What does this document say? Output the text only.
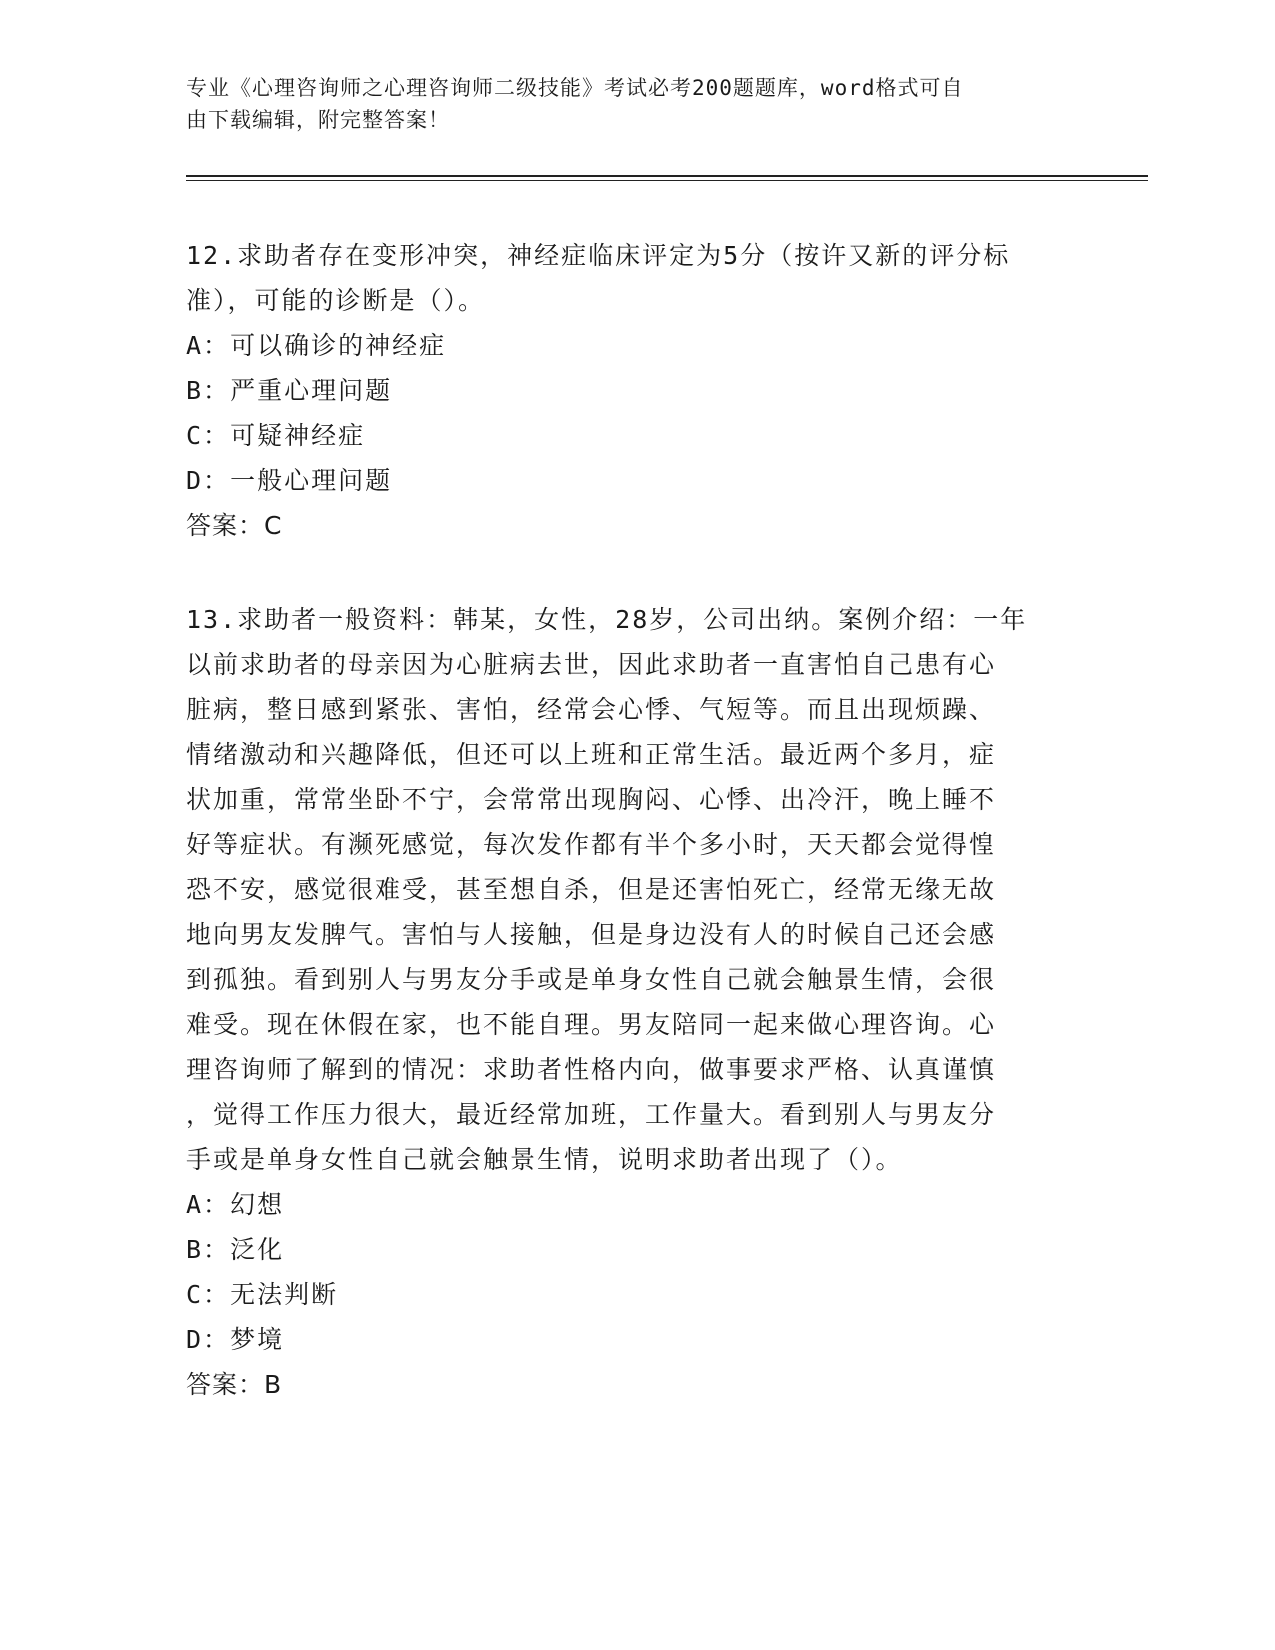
专业《心理咨询师之心理咨询师二级技能》考试必考200题题库，word格式可自
由下载编辑，附完整答案！

12.求助者存在变形冲突，神经症临床评定为5分（按许又新的评分标

准），可能的诊断是（）。

A：可以确诊的神经症

B：严重心理问题

C：可疑神经症

D：一般心理问题

答案：C

13.求助者一般资料：韩某，女性，28岁，公司出纳。案例介绍：一年

以前求助者的母亲因为心脏病去世，因此求助者一直害怕自己患有心

脏病，整日感到紧张、害怕，经常会心悸、气短等。而且出现烦躁、

情绪激动和兴趣降低，但还可以上班和正常生活。最近两个多月，症

状加重，常常坐卧不宁，会常常出现胸闷、心悸、出冷汗，晚上睡不

好等症状。有濒死感觉，每次发作都有半个多小时，天天都会觉得惶

恐不安，感觉很难受，甚至想自杀，但是还害怕死亡，经常无缘无故

地向男友发脾气。害怕与人接触，但是身边没有人的时候自己还会感

到孤独。看到别人与男友分手或是单身女性自己就会触景生情，会很

难受。现在休假在家，也不能自理。男友陪同一起来做心理咨询。心

理咨询师了解到的情况：求助者性格内向，做事要求严格、认真谨慎

，觉得工作压力很大，最近经常加班，工作量大。看到别人与男友分

手或是单身女性自己就会触景生情，说明求助者出现了（）。

A：幻想

B：泛化

C：无法判断

D：梦境

答案：B
